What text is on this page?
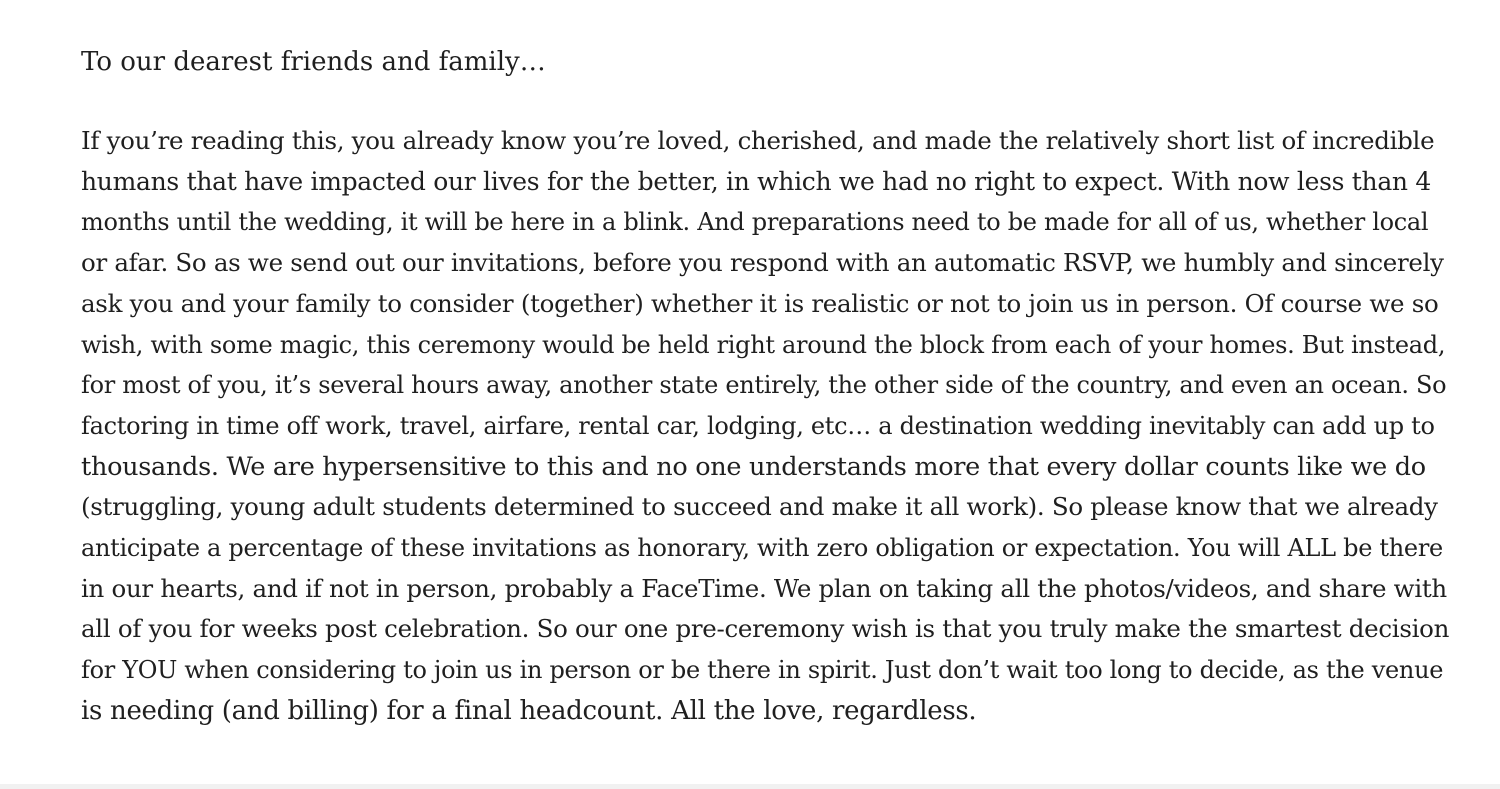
To our dearest friends and family…

If you’re reading this, you already know you’re loved, cherished, and made the relatively short list of incredible
humans that have impacted our lives for the better, in which we had no right to expect. With now less than 4
months until the wedding, it will be here in a blink. And preparations need to be made for all of us, whether local
or afar. So as we send out our invitations, before you respond with an automatic RSVP, we humbly and sincerely
ask you and your family to consider (together) whether it is realistic or not to join us in person. Of course we so
wish, with some magic, this ceremony would be held right around the block from each of your homes. But instead,
for most of you, it’s several hours away, another state entirely, the other side of the country, and even an ocean. So
factoring in time off work, travel, airfare, rental car, lodging, etc… a destination wedding inevitably can add up to
thousands. We are hypersensitive to this and no one understands more that every dollar counts like we do
(struggling, young adult students determined to succeed and make it all work). So please know that we already
anticipate a percentage of these invitations as honorary, with zero obligation or expectation. You will ALL be there
in our hearts, and if not in person, probably a FaceTime. We plan on taking all the photos/videos, and share with
all of you for weeks post celebration. So our one pre-ceremony wish is that you truly make the smartest decision
for YOU when considering to join us in person or be there in spirit. Just don’t wait too long to decide, as the venue
is needing (and billing) for a final headcount. All the love, regardless.
